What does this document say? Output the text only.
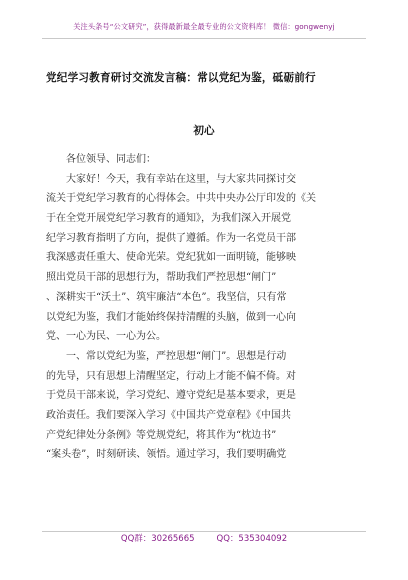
关注头条号“公文研究”，获得最新最全最专业的公文资料库！ 微信：gongwenyj
党纪学习教育研讨交流发言稿：常以党纪为鉴，砥砺前行
初心
各位领导、同志们：
大家好！今天，我有幸站在这里，与大家共同探讨交
流关于党纪学习教育的心得体会。中共中央办公厅印发的《关
于在全党开展党纪学习教育的通知》，为我们深入开展党
纪学习教育指明了方向，提供了遵循。作为一名党员干部
我深感责任重大、使命光荣。党纪犹如一面明镜，能够映
照出党员干部的思想行为，帮助我们严控思想“闸门”
、深耕实干“沃土”、筑牢廉洁“本色”。我坚信，只有常
以党纪为鉴，我们才能始终保持清醒的头脑，做到一心向
党、一心为民、一心为公。
一、常以党纪为鉴，严控思想“闸门”。思想是行动
的先导，只有思想上清醒坚定，行动上才能不偏不倚。对
于党员干部来说，学习党纪、遵守党纪是基本要求，更是
政治责任。我们要深入学习《中国共产党章程》《中国共
产党纪律处分条例》等党规党纪，将其作为“枕边书”
“案头卷”，时刻研读、领悟。通过学习，我们要明确党
QQ群：30265665	QQ：535304092
